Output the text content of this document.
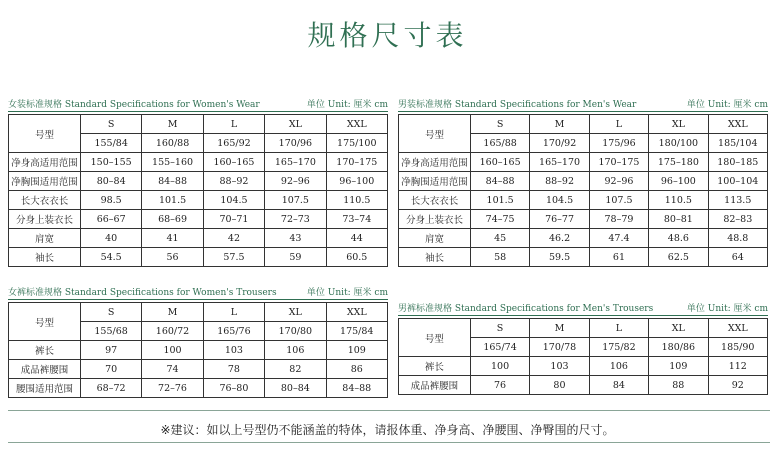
规格尺寸表
女装标准规格 Standard Specifications for Women's Wear	单位 Unit: 厘米 cm
号型	S	M	L	XL	XXL
	155/84	160/88	165/92	170/96	175/100
净身高适用范围	150–155	155–160	160–165	165–170	170–175
净胸围适用范围	80–84	84–88	88–92	92–96	96–100
长大衣衣长	98.5	101.5	104.5	107.5	110.5
分身上装衣长	66–67	68–69	70–71	72–73	73–74
肩宽	40	41	42	43	44
袖长	54.5	56	57.5	59	60.5
男装标准规格 Standard Specifications for Men's Wear	单位 Unit: 厘米 cm
号型	S	M	L	XL	XXL
	165/88	170/92	175/96	180/100	185/104
净身高适用范围	160–165	165–170	170–175	175–180	180–185
净胸围适用范围	84–88	88–92	92–96	96–100	100–104
长大衣衣长	101.5	104.5	107.5	110.5	113.5
分身上装衣长	74–75	76–77	78–79	80–81	82–83
肩宽	45	46.2	47.4	48.6	48.8
袖长	58	59.5	61	62.5	64
女裤标准规格 Standard Specifications for Women's Trousers	单位 Unit: 厘米 cm
号型	S	M	L	XL	XXL
	155/68	160/72	165/76	170/80	175/84
裤长	97	100	103	106	109
成品裤腰围	70	74	78	82	86
腰围适用范围	68–72	72–76	76–80	80–84	84–88
男裤标准规格 Standard Specifications for Men's Trousers	单位 Unit: 厘米 cm
号型	S	M	L	XL	XXL
	165/74	170/78	175/82	180/86	185/90
裤长	100	103	106	109	112
成品裤腰围	76	80	84	88	92
※建议：如以上号型仍不能涵盖的特体，请报体重、净身高、净腰围、净臀围的尺寸。
